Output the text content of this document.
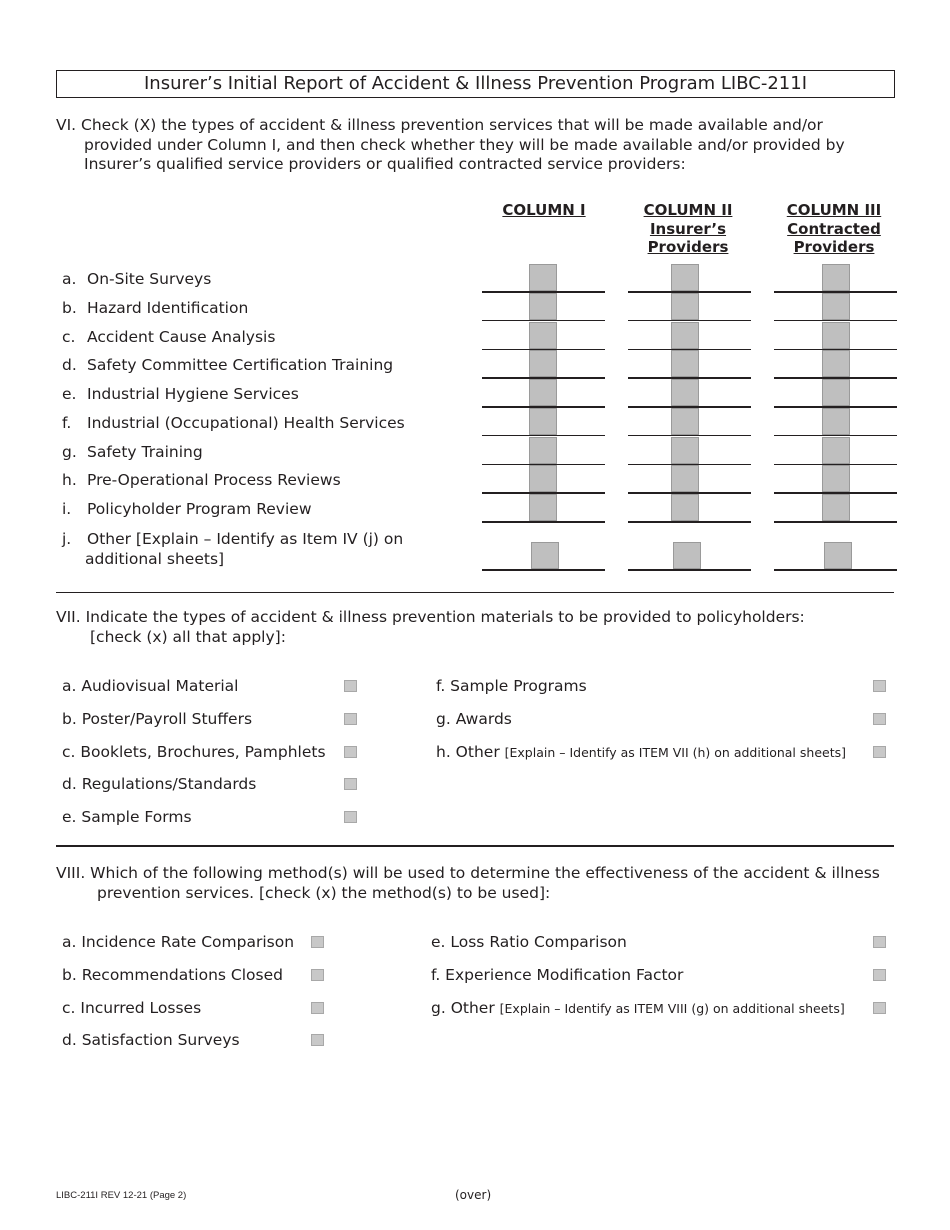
Insurer’s Initial Report of Accident & Illness Prevention Program LIBC-211I
VI. Check (X) the types of accident & illness prevention services that will be made available and/or
provided under Column I, and then check whether they will be made available and/or provided by
Insurer’s qualified service providers or qualified contracted service providers:
COLUMN I	COLUMN II
Insurer’s
Providers
COLUMN III
Contracted
Providers
a. On-Site Surveys
b. Hazard Identification
c. Accident Cause Analysis
d. Safety Committee Certification Training
e. Industrial Hygiene Services
f. Industrial (Occupational) Health Services
g. Safety Training
h. Pre-Operational Process Reviews
i. Policyholder Program Review
j. Other [Explain – Identify as Item IV (j) on
additional sheets]
VII. Indicate the types of accident & illness prevention materials to be provided to policyholders:
[check (x) all that apply]:
a. Audiovisual Material
b. Poster/Payroll Stuffers
c. Booklets, Brochures, Pamphlets
d. Regulations/Standards
e. Sample Forms
f. Sample Programs
g. Awards
h. Other [Explain – Identify as ITEM VII (h) on additional sheets]
VIII. Which of the following method(s) will be used to determine the effectiveness of the accident & illness
prevention services. [check (x) the method(s) to be used]:
a. Incidence Rate Comparison
b. Recommendations Closed
c. Incurred Losses
d. Satisfaction Surveys
e. Loss Ratio Comparison
f. Experience Modification Factor
g. Other [Explain – Identify as ITEM VIII (g) on additional sheets]
LIBC-211I REV 12-21 (Page 2)	(over)
